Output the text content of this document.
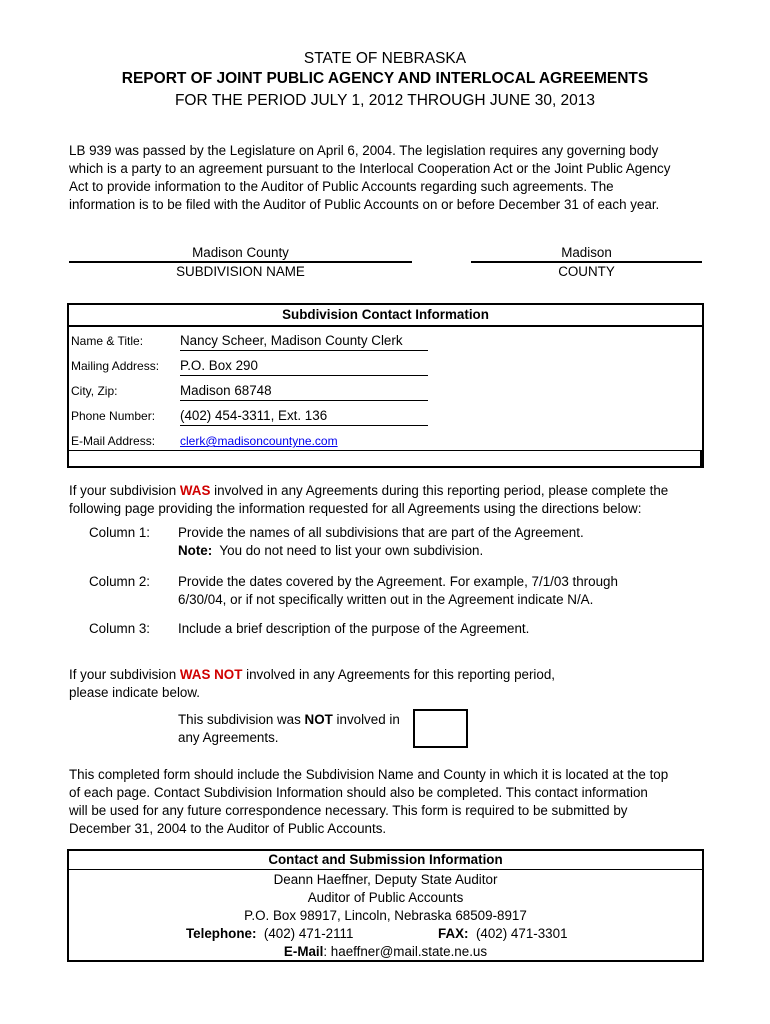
STATE OF NEBRASKA
REPORT OF JOINT PUBLIC AGENCY AND INTERLOCAL AGREEMENTS
FOR THE PERIOD JULY 1, 2012 THROUGH JUNE 30, 2013

LB 939 was passed by the Legislature on April 6, 2004. The legislation requires any governing body

which is a party to an agreement pursuant to the Interlocal Cooperation Act or the Joint Public Agency

Act to provide information to the Auditor of Public Accounts regarding such agreements. The

information is to be filed with the Auditor of Public Accounts on or before December 31 of each year.

Madison County
SUBDIVISION NAME
Madison
COUNTY
Subdivision Contact Information
Name & Title:	Nancy Scheer, Madison County Clerk
Mailing Address: P.O. Box 290
City, Zip:	Madison 68748
Phone Number: (402) 454-3311, Ext. 136
E-Mail Address: clerk@madisoncountyne.com

If your subdivision WAS involved in any Agreements during this reporting period, please complete the

following page providing the information requested for all Agreements using the directions below:

Column 1: Provide the names of all subdivisions that are part of the Agreement.

Note:  You do not need to list your own subdivision.

Column 2: Provide the dates covered by the Agreement. For example, 7/1/03 through

6/30/04, or if not specifically written out in the Agreement indicate N/A.

Column 3: Include a brief description of the purpose of the Agreement.

If your subdivision WAS NOT involved in any Agreements for this reporting period,

please indicate below.

This subdivision was NOT involved in
any Agreements.

This completed form should include the Subdivision Name and County in which it is located at the top

of each page. Contact Subdivision Information should also be completed. This contact information

will be used for any future correspondence necessary. This form is required to be submitted by

December 31, 2004 to the Auditor of Public Accounts.

Contact and Submission Information
Deann Haeffner, Deputy State Auditor
Auditor of Public Accounts
P.O. Box 98917, Lincoln, Nebraska 68509-8917
Telephone:  (402) 471-2111	FAX:  (402) 471-3301
E-Mail: haeffner@mail.state.ne.us
